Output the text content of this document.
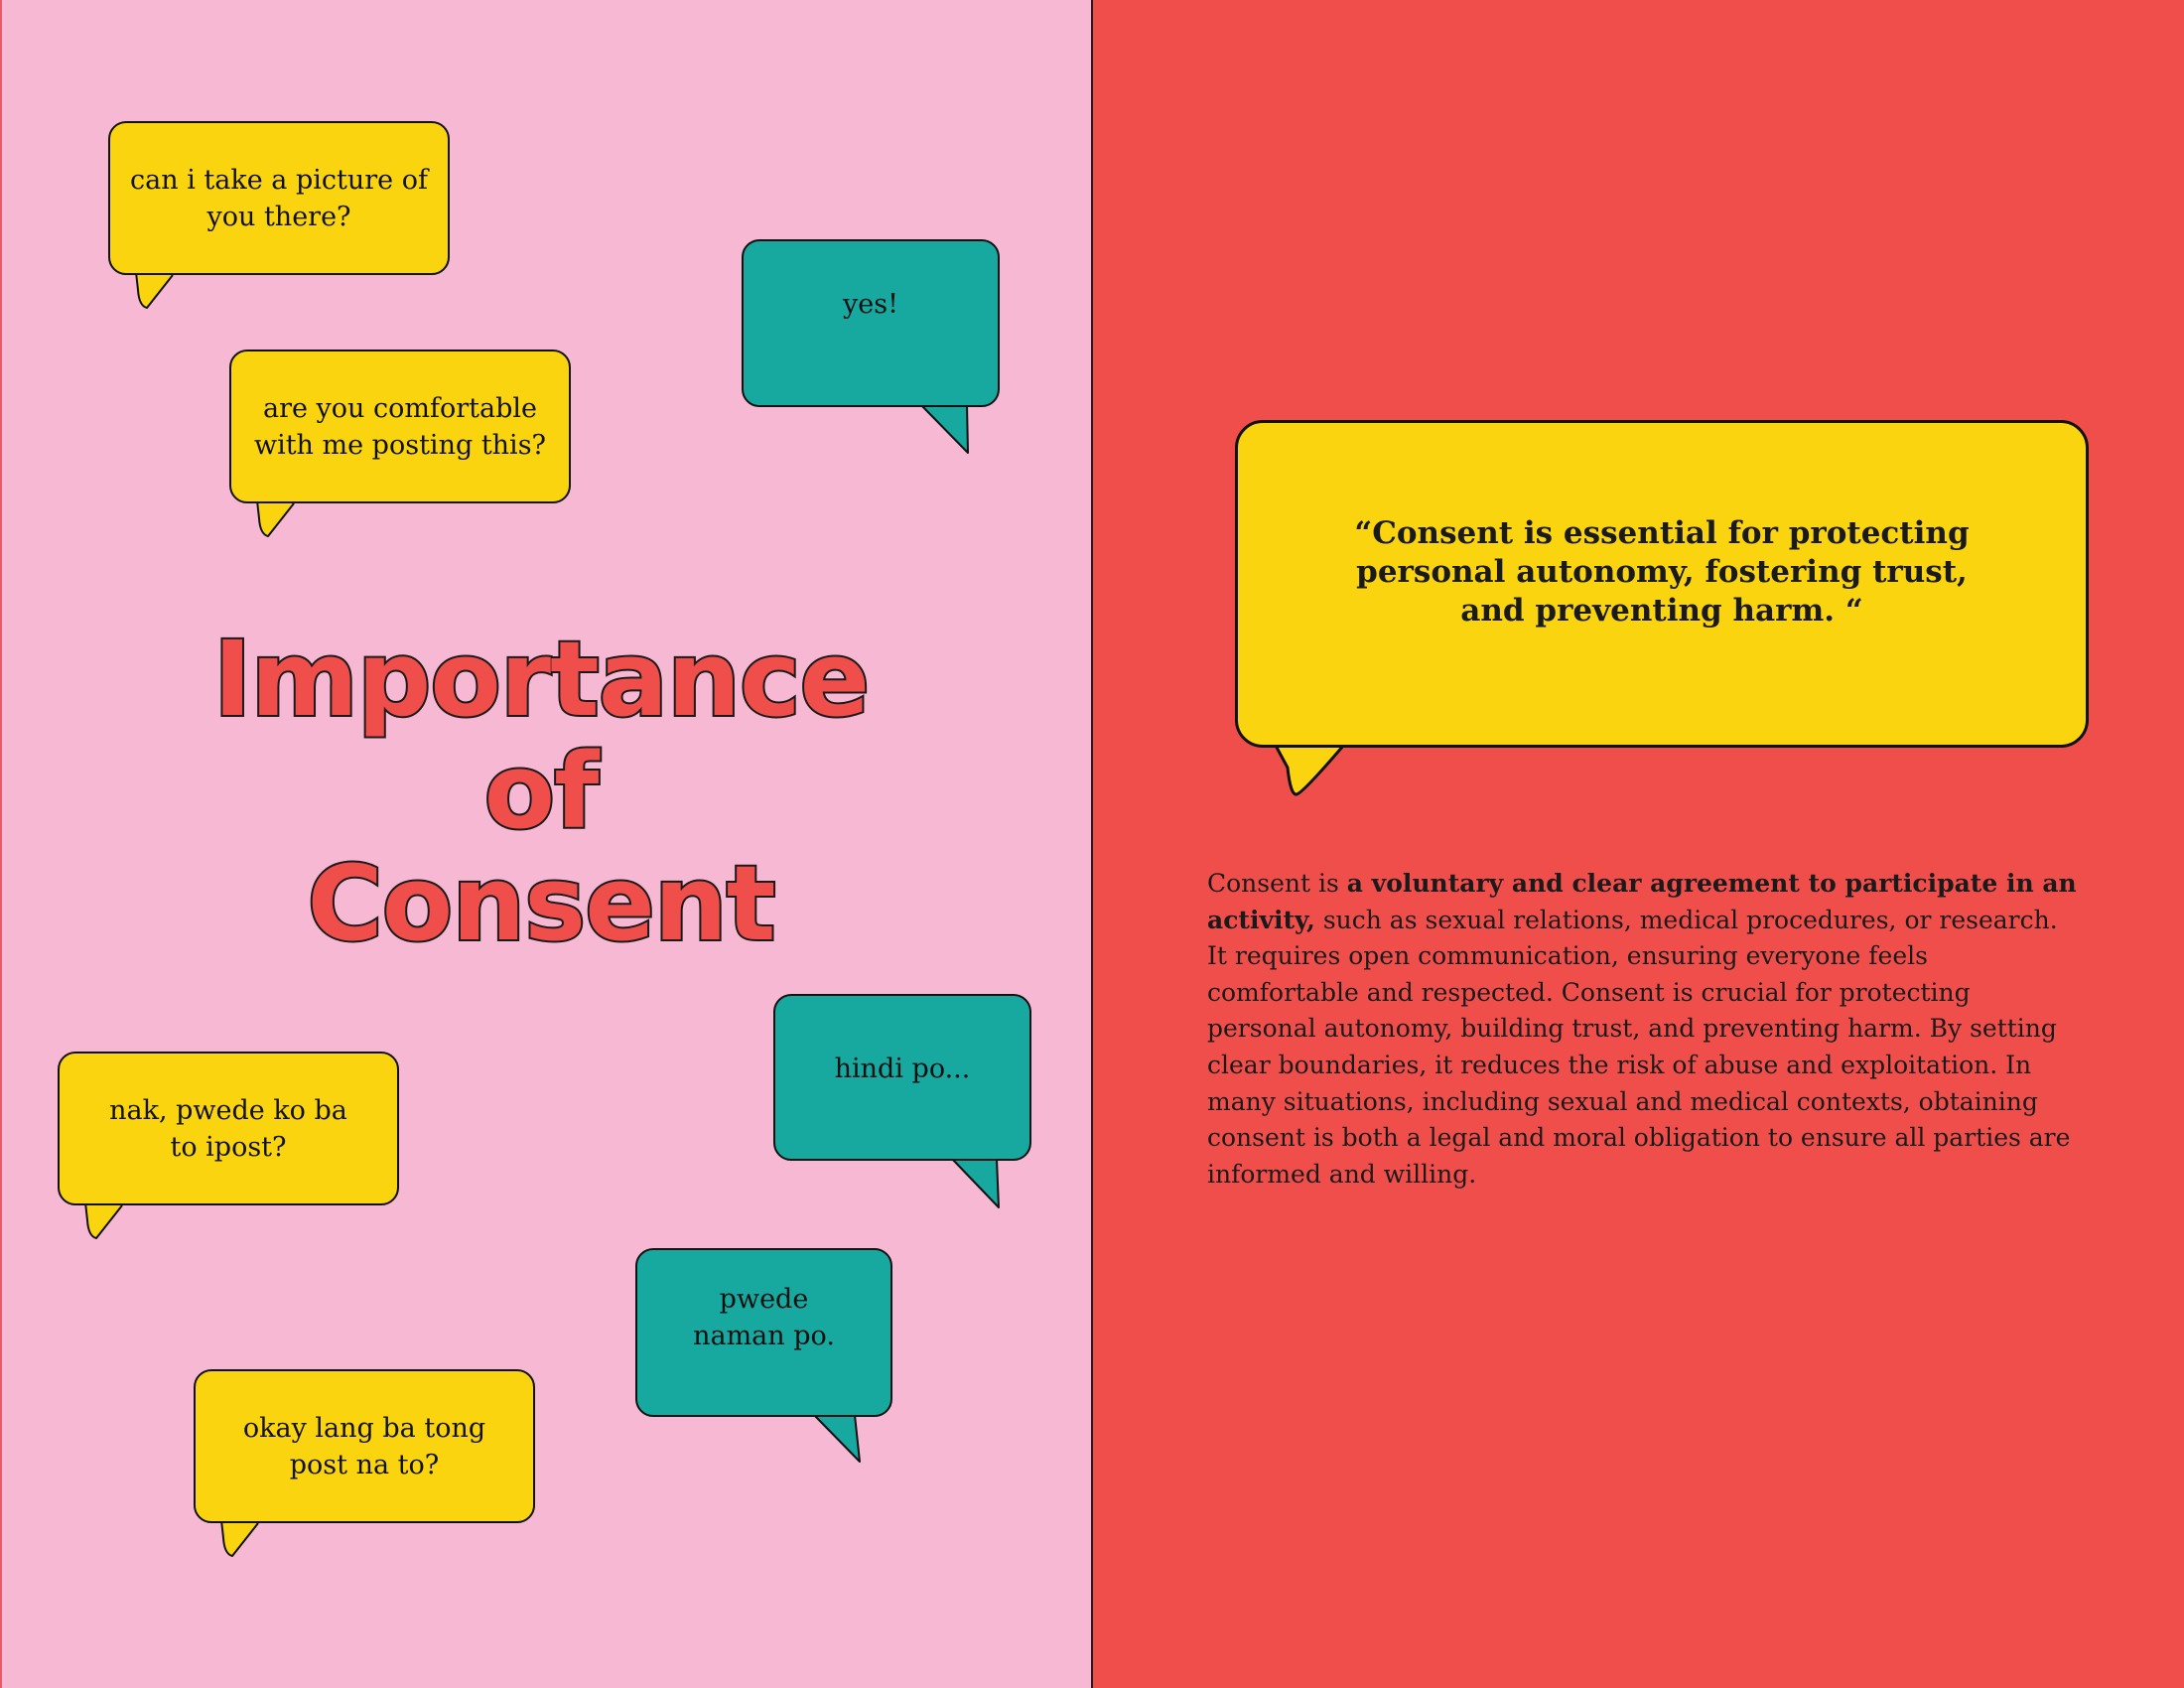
can i take a picture of you there?
yes!
are you comfortable with me posting this?
Importance
of
Consent
hindi po...
nak, pwede ko ba to ipost?
pwede naman po.
okay lang ba tong post na to?

“Consent is essential for protecting personal autonomy, fostering trust, and preventing harm. “

Consent is a voluntary and clear agreement to participate in an activity, such as sexual relations, medical procedures, or research. It requires open communication, ensuring everyone feels comfortable and respected. Consent is crucial for protecting personal autonomy, building trust, and preventing harm. By setting clear boundaries, it reduces the risk of abuse and exploitation. In many situations, including sexual and medical contexts, obtaining consent is both a legal and moral obligation to ensure all parties are informed and willing.
